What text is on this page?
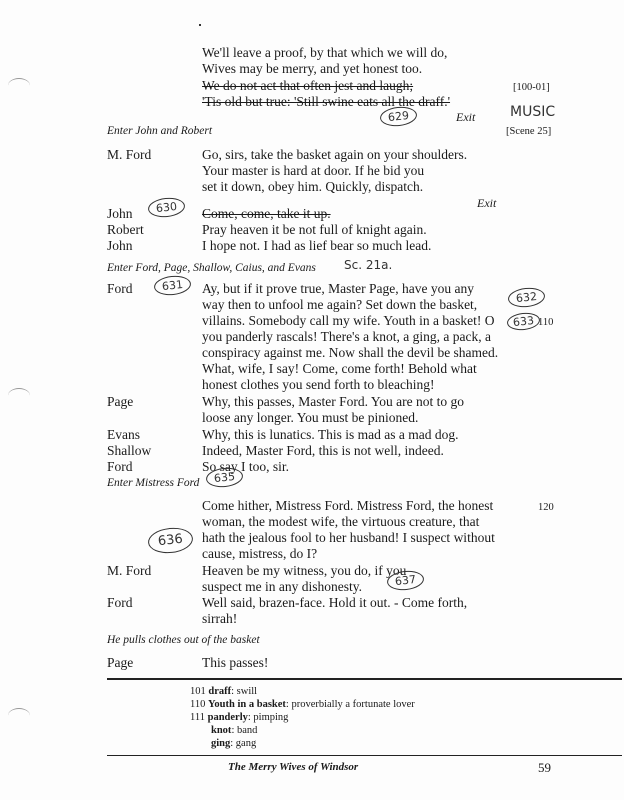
We'll leave a proof, by that which we will do,
Wives may be merry, and yet honest too.
We do not act that often jest and laugh;
'Tis old but true: 'Still swine eats all the draff.'
[100-01]
629	Exit MUSIC
Enter John and Robert	[Scene 25]
M. Ford	Go, sirs, take the basket again on your shoulders.
Your master is hard at door. If he bid you
set it down, obey him. Quickly, dispatch.
Exit
630
John	Come, come, take it up.
Robert	Pray heaven it be not full of knight again.
John	I hope not. I had as lief bear so much lead.
Enter Ford, Page, Shallow, Caius, and Evans Sc. 21a.
Ford	631	Ay, but if it prove true, Master Page, have you any
way then to unfool me again? Set down the basket,	632
villains. Somebody call my wife. Youth in a basket! O	633 110
you panderly rascals! There's a knot, a ging, a pack, a
conspiracy against me. Now shall the devil be shamed.
What, wife, I say! Come, come forth! Behold what
honest clothes you send forth to bleaching!
Page	Why, this passes, Master Ford. You are not to go
loose any longer. You must be pinioned.
Evans	Why, this is lunatics. This is mad as a mad dog.
Shallow	Indeed, Master Ford, this is not well, indeed.
Ford	So say I too, sir.
Enter Mistress Ford	635
Come hither, Mistress Ford. Mistress Ford, the honest	120
woman, the modest wife, the virtuous creature, that
hath the jealous fool to her husband! I suspect without
636
cause, mistress, do I?
M. Ford	Heaven be my witness, you do, if you
suspect me in any dishonesty.	637
Ford	Well said, brazen-face. Hold it out. - Come forth,
sirrah!
He pulls clothes out of the basket
Page	This passes!
101 draff: swill
110 Youth in a basket: proverbially a fortunate lover
111 panderly: pimping
knot: band
ging: gang
The Merry Wives of Windsor	59
